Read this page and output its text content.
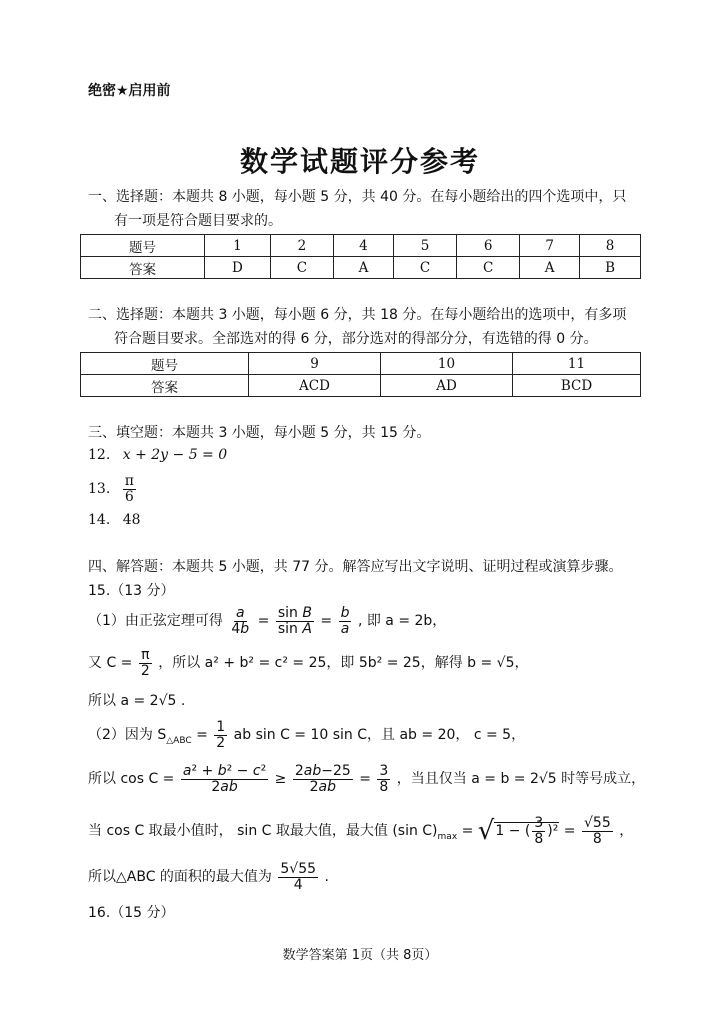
绝密★启用前
数学试题评分参考
一、选择题：本题共 8 小题，每小题 5 分，共 40 分。在每小题给出的四个选项中，只
有一项是符合题目要求的。
题号	1	2	4	5	6	7	8
答案	D	C	A	C	C	A	B
二、选择题：本题共 3 小题，每小题 6 分，共 18 分。在每小题给出的选项中，有多项
符合题目要求。全部选对的得 6 分，部分选对的得部分分，有选错的得 0 分。
题号	9	10	11
答案	ACD	AD	BCD
三、填空题：本题共 3 小题，每小题 5 分，共 15 分。
12. x + 2y − 5 = 0
13. $\frac{\pi}{6}$
14. 48
四、解答题：本题共 5 小题，共 77 分。解答应写出文字说明、证明过程或演算步骤。
15.（13 分）
（1）由正弦定理可得 $\frac{a}{4b} = \frac{\text{sin B}}{\text{sin A}} = \frac{b}{a}$ , 即 a = 2b，
又 $C = \frac{\pi}{2}$ ，所以 a² + b² = c² = 25，即 5b² = 25，解得 b = √5，
所以 a = 2√5 .
（2）因为 $S_{\triangle ABC} = \frac{1}{2}$ ab sin C = 10 sin C，且 ab = 20， c = 5，
所以 $\cos C = \frac{\text{a² + b² − c²}}{2ab} \ge \frac{2ab-25}{2ab} = \frac{3}{8}$ ，当且仅当 a = b = 2√5 时等号成立，
当 cos C 取最小值时， sin C 取最大值，最大值 (sin $C)_{max} = √1$ − ( $\frac{3}{8} )^2 = \frac{√55}{8}$ ，
所以△ABC 的面积的最大值为 $\frac{5√55}{4}$ .
16.（15 分）
数学答案第 1页（共 8页）
